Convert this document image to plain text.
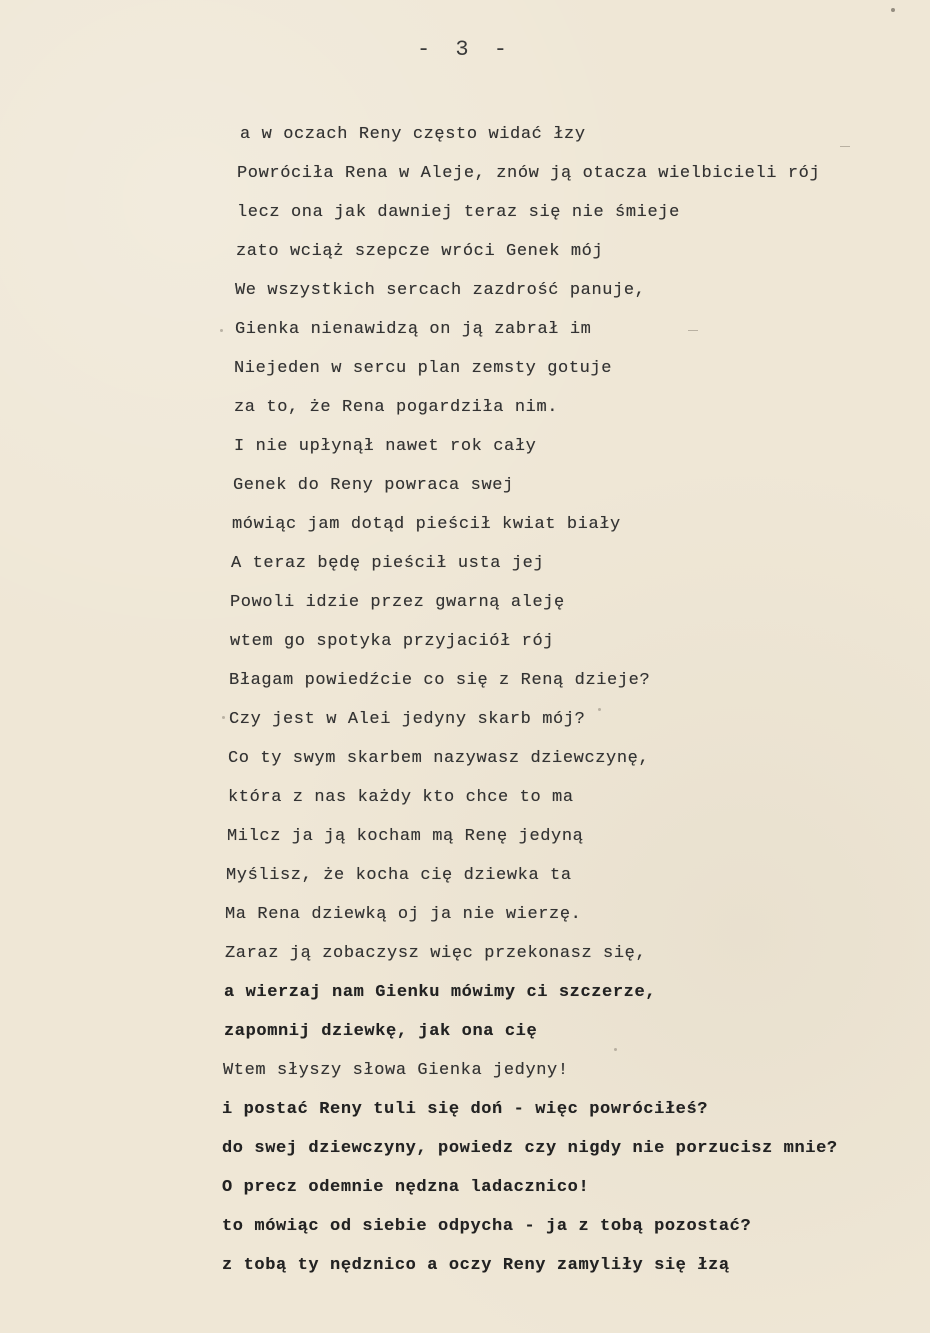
- 3 -
a w oczach Reny często widać łzy
Powróciła Rena w Aleje, znów ją otacza wielbicieli rój
lecz ona jak dawniej teraz się nie śmieje
zato wciąż szepcze wróci Genek mój
We wszystkich sercach zazdrość panuje,
Gienka nienawidzą on ją zabrał im
Niejeden w sercu plan zemsty gotuje
za to, że Rena pogardziła nim.
I nie upłynął nawet rok cały
Genek do Reny powraca swej
mówiąc jam dotąd pieścił kwiat biały
A teraz będę pieścił usta jej
Powoli idzie przez gwarną aleję
wtem go spotyka przyjaciół rój
Błagam powiedźcie co się z Reną dzieje?
Czy jest w Alei jedyny skarb mój?
Co ty swym skarbem nazywasz dziewczynę,
która z nas każdy kto chce to ma
Milcz ja ją kocham mą Renę jedyną
Myślisz, że kocha cię dziewka ta
Ma Rena dziewką oj ja nie wierzę.
Zaraz ją zobaczysz więc przekonasz się,
a wierzaj nam Gienku mówimy ci szczerze,
zapomnij dziewkę, jak ona cię
Wtem słyszy słowa Gienka jedyny!
i postać Reny tuli się doń - więc powróciłeś?
do swej dziewczyny, powiedz czy nigdy nie porzucisz mnie?
O precz odemnie nędzna ladacznico!
to mówiąc od siebie odpycha - ja z tobą pozostać?
z tobą ty nędznico a oczy Reny zamyliły się łzą
